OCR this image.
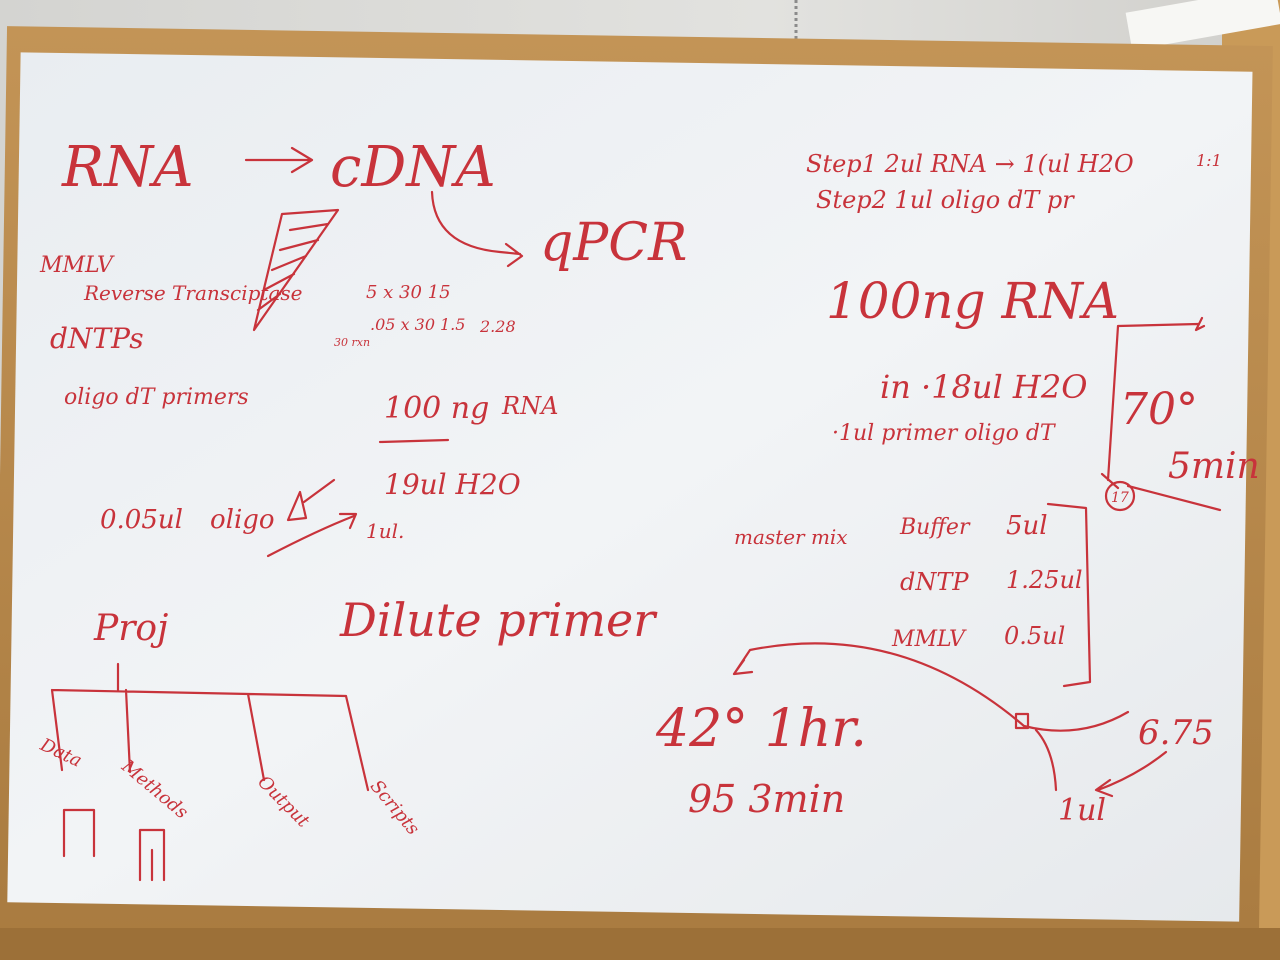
RNA cDNA
qPCR
MMLV
Reverse Transciptase
dNTPs
oligo dT primers
5 x 30 15
.05 x 30 1.5 2.28
30 rxn
100 ng RNA
19ul H2O
0.05ul oligo	1ul.
Dilute primer
Proj
Data
Methods	Output	Scripts
Step1 2ul RNA → 1(ul H2O
Step2 1ul oligo dT pr
1:1
100ng RNA
in ·18ul H2O
·1ul primer oligo dT 70°
5min
17
master mix Buffer 5ul
dNTP 1.25ul
MMLV 0.5ul
42° 1hr.
95 3min
6.75
1ul
